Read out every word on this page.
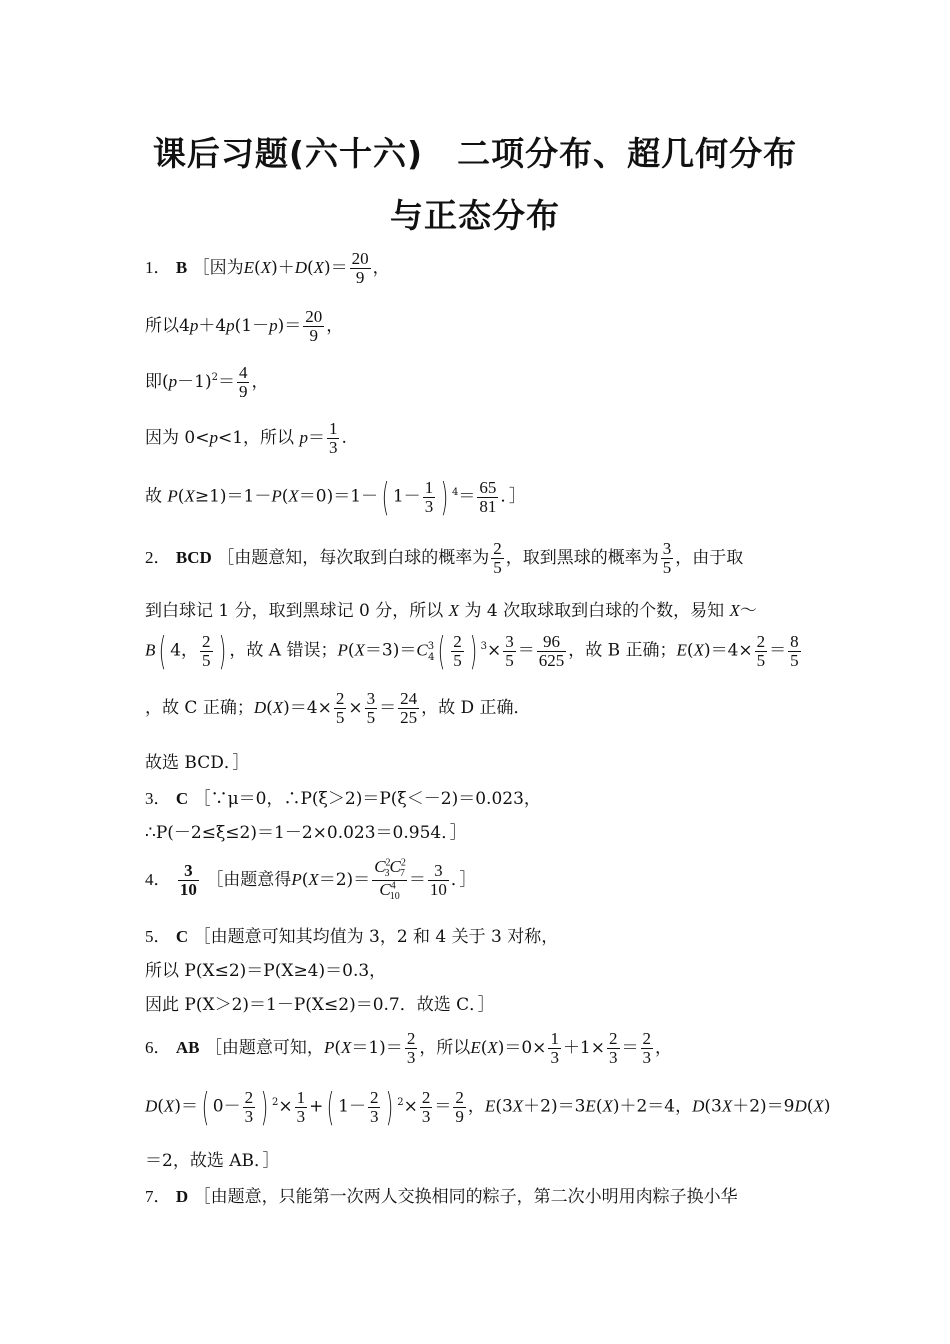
课后习题(六十六)　二项分布、超几何分布
与正态分布
1． B ［因为$E(X)+D(X)= \frac{20}{9}$ ，
所以$4p+4p(1-p)= \frac{20}{9}$ ，
即$(p-1)^2= \frac{4}{9}$ ，
因为 0<p<1，所以 $p= \frac{1}{3}$ .
故 P(X≥1)＝1－P(X＝0)＝1－( $1- \frac{1}{3}$ ) $^4= \frac{65}{81}$ ．］
2． BCD ［由题意知，每次取到白球的概率为 $\frac{2}{5}$ ，取到黑球的概率为 $\frac{3}{5}$ ，由于取
到白球记 1 分，取到黑球记 0 分，所以 X 为 4 次取球取到白球的个数，易知 X～
B( 4， $\frac{2}{5}$ ) ，故 A 错误；$P(X=3)=C^3_4( \frac{2}{5}$ ) $^3\times \frac{3}{5} = \frac{96}{625}$ ，故 B 正确；$E(X)=4\times \frac{2}{5} = \frac{8}{5}$
，故 C 正确；$D(X)=4\times \frac{2}{5} \times \frac{3}{5} = \frac{24}{25}$ ，故 D 正确．
故选 BCD．］
3． C ［∵μ＝0，∴P(ξ＞2)＝P(ξ＜－2)＝0.023，
∴P(－2≤ξ≤2)＝1－2×0.023＝0.954．］
4． $\frac{3}{10}$ ［由题意得$P(X=2)= \frac{C^2_3C^2_7}{C^4_{10}} = \frac{3}{10}$ ．］
5． C ［由题意可知其均值为 3，2 和 4 关于 3 对称，
所以 P(X≤2)＝P(X≥4)＝0.3，
因此 P(X＞2)＝1－P(X≤2)＝0.7．故选 C．］
6． AB ［由题意可知，$P(X=1)= \frac{2}{3}$ ，所以$E(X)=0\times \frac{1}{3} +1\times \frac{2}{3} = \frac{2}{3}$ ，
D(X)＝( $0- \frac{2}{3}$ ) $^2\times \frac{1}{3}$ +( $1- \frac{2}{3}$ ) $^2\times \frac{2}{3} = \frac{2}{9}$ ，E(3X＋2)＝3E(X)＋2＝4，D(3X＋2)＝9D(X)
＝2，故选 AB．］
7． D ［由题意，只能第一次两人交换相同的粽子，第二次小明用肉粽子换小华
